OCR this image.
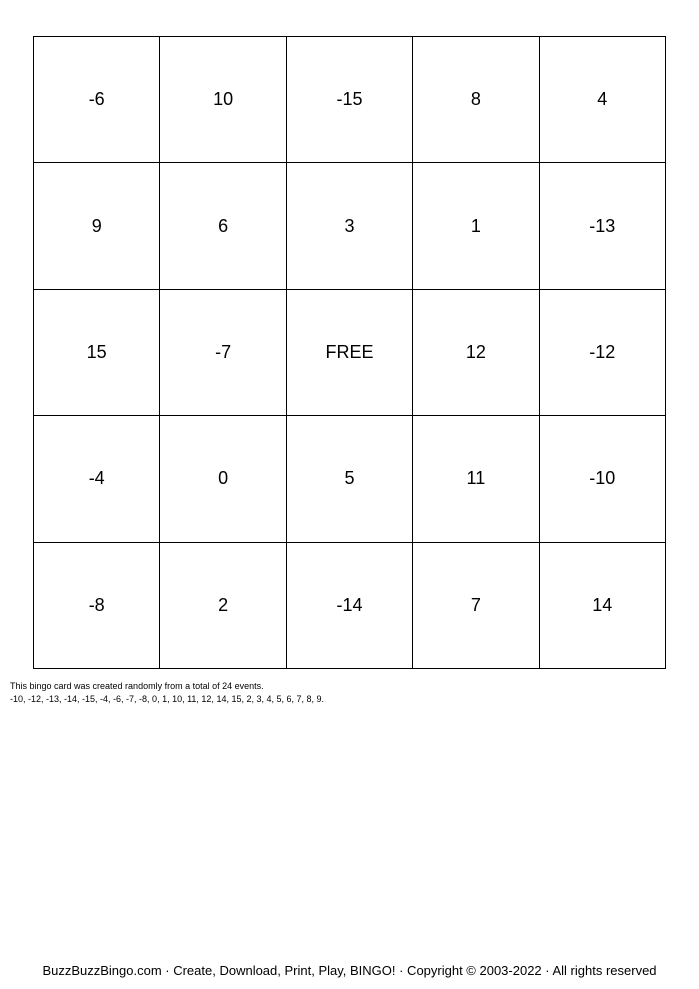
-6	10	-15	8	4
9	6	3	1	-13
15	-7	FREE	12	-12
-4	0	5	11	-10
-8	2	-14	7	14
This bingo card was created randomly from a total of 24 events.
-10, -12, -13, -14, -15, -4, -6, -7, -8, 0, 1, 10, 11, 12, 14, 15, 2, 3, 4, 5, 6, 7, 8, 9.
BuzzBuzzBingo.com · Create, Download, Print, Play, BINGO! · Copyright © 2003-2022 · All rights reserved
